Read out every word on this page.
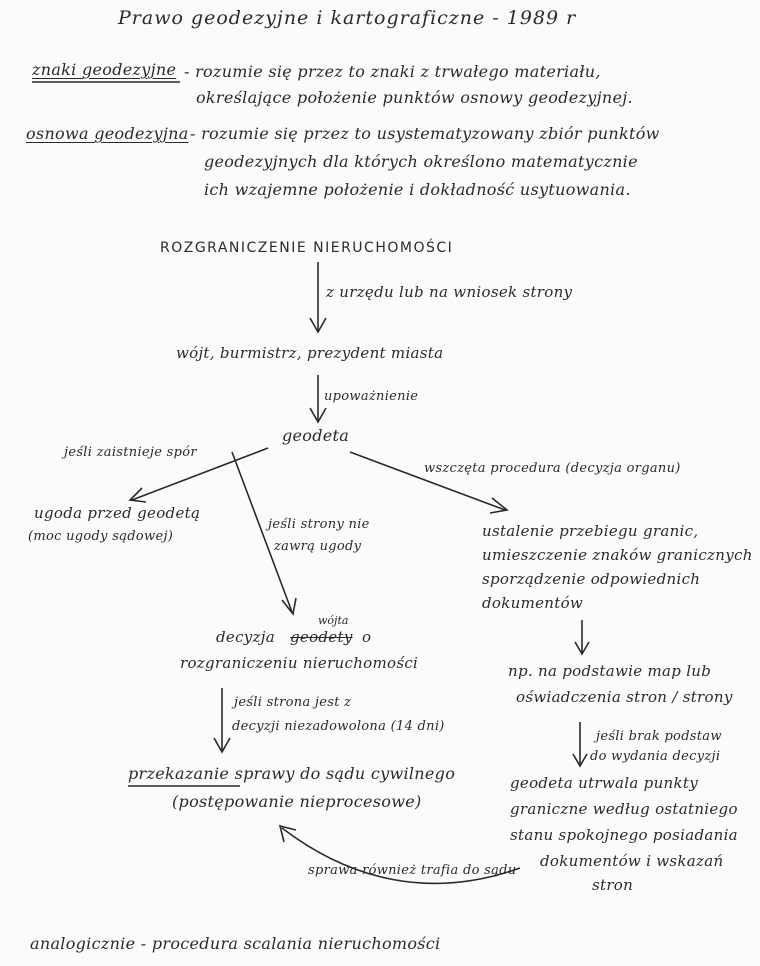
Prawo geodezyjne i kartograficzne - 1989 r
znaki geodezyjne - rozumie się przez to znaki z trwałego materiału,
określające położenie punktów osnowy geodezyjnej.
osnowa geodezyjna - rozumie się przez to usystematyzowany zbiór punktów
geodezyjnych dla których określono matematycznie
ich wzajemne położenie i dokładność usytuowania.
ROZGRANICZENIE NIERUCHOMOŚCI
z urzędu lub na wniosek strony
wójt, burmistrz, prezydent miasta
upoważnienie
geodeta
jeśli zaistnieje spór
wszczęta procedura (decyzja organu)
ugoda przed geodetą
(moc ugody sądowej)
jeśli strony nie
zawrą ugody
ustalenie przebiegu granic,
umieszczenie znaków granicznych
sporządzenie odpowiednich
dokumentów
wójta
decyzja geodety o
rozgraniczeniu nieruchomości	np. na podstawie map lub
oświadczenia stron / strony
jeśli strona jest z
decyzji niezadowolona (14 dni)
jeśli brak podstaw
do wydania decyzji
przekazanie sprawy do sądu cywilnego
(postępowanie nieprocesowe)
geodeta utrwala punkty
graniczne według ostatniego
stanu spokojnego posiadania
dokumentów i wskazań
stron
sprawa również trafia do sądu
analogicznie - procedura scalania nieruchomości
